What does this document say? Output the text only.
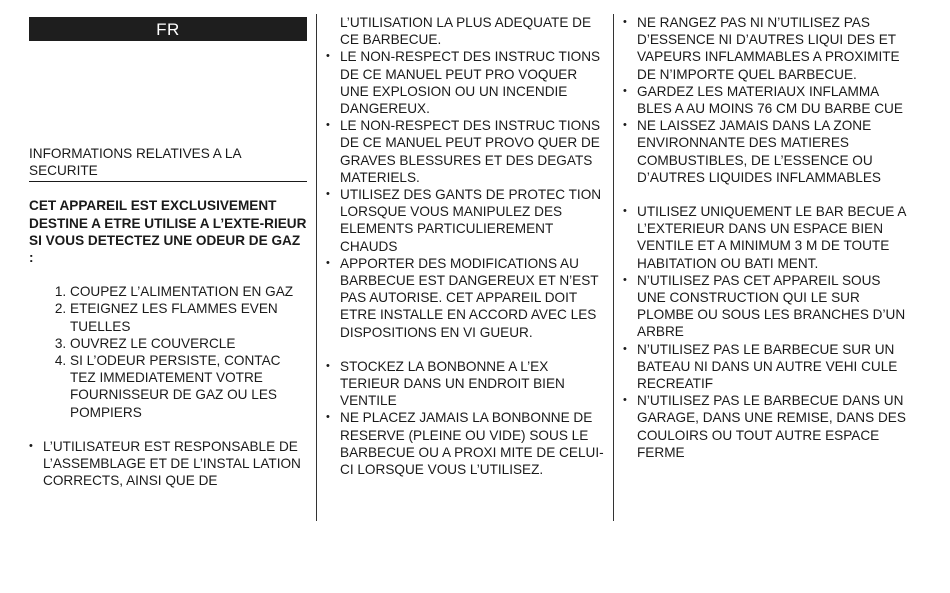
FR
INFORMATIONS RELATIVES A LA SECURITE
CET APPAREIL EST EXCLUSIVEMENT DESTINE A ETRE UTILISE A L’EXTE-RIEUR
SI VOUS DETECTEZ UNE ODEUR DE GAZ :
1. COUPEZ L’ALIMENTATION EN GAZ
2. ETEIGNEZ LES FLAMMES EVEN TUELLES
3. OUVREZ LE COUVERCLE
4. SI L’ODEUR PERSISTE, CONTAC TEZ IMMEDIATEMENT VOTRE FOURNISSEUR DE GAZ OU LES POMPIERS
• L’UTILISATEUR EST RESPONSABLE DE L’ASSEMBLAGE ET DE L’INSTAL LATION CORRECTS, AINSI QUE DE
L’UTILISATION LA PLUS ADEQUATE DE CE BARBECUE.
• LE NON-RESPECT DES INSTRUC TIONS DE CE MANUEL PEUT PRO VOQUER UNE EXPLOSION OU UN INCENDIE DANGEREUX.
• LE NON-RESPECT DES INSTRUC TIONS DE CE MANUEL PEUT PROVO QUER DE GRAVES BLESSURES ET DES DEGATS MATERIELS.
• UTILISEZ DES GANTS DE PROTEC TION LORSQUE VOUS MANIPULEZ DES ELEMENTS PARTICULIEREMENT CHAUDS
• APPORTER DES MODIFICATIONS AU BARBECUE EST DANGEREUX ET N’EST PAS AUTORISE. CET APPAREIL DOIT ETRE INSTALLE EN ACCORD AVEC LES DISPOSITIONS EN VI GUEUR.
• STOCKEZ LA BONBONNE A L’EX TERIEUR DANS UN ENDROIT BIEN VENTILE
• NE PLACEZ JAMAIS LA BONBONNE DE RESERVE (PLEINE OU VIDE) SOUS LE BARBECUE OU A PROXI MITE DE CELUI-CI LORSQUE VOUS L’UTILISEZ.
• NE RANGEZ PAS NI N’UTILISEZ PAS D’ESSENCE NI D’AUTRES LIQUI DES ET VAPEURS INFLAMMABLES A PROXIMITE DE N’IMPORTE QUEL BARBECUE.
• GARDEZ LES MATERIAUX INFLAMMA BLES A AU MOINS 76 CM DU BARBE CUE
• NE LAISSEZ JAMAIS DANS LA ZONE ENVIRONNANTE DES MATIERES COMBUSTIBLES, DE L’ESSENCE OU D’AUTRES LIQUIDES INFLAMMABLES
• UTILISEZ UNIQUEMENT LE BAR BECUE A L’EXTERIEUR DANS UN ESPACE BIEN VENTILE ET A MINIMUM 3 M DE TOUTE HABITATION OU BATI MENT.
• N’UTILISEZ PAS CET APPAREIL SOUS UNE CONSTRUCTION QUI LE SUR PLOMBE OU SOUS LES BRANCHES D’UN ARBRE
• N’UTILISEZ PAS LE BARBECUE SUR UN BATEAU NI DANS UN AUTRE VEHI CULE RECREATIF
• N’UTILISEZ PAS LE BARBECUE DANS UN GARAGE, DANS UNE REMISE, DANS DES COULOIRS OU TOUT AUTRE ESPACE FERME
